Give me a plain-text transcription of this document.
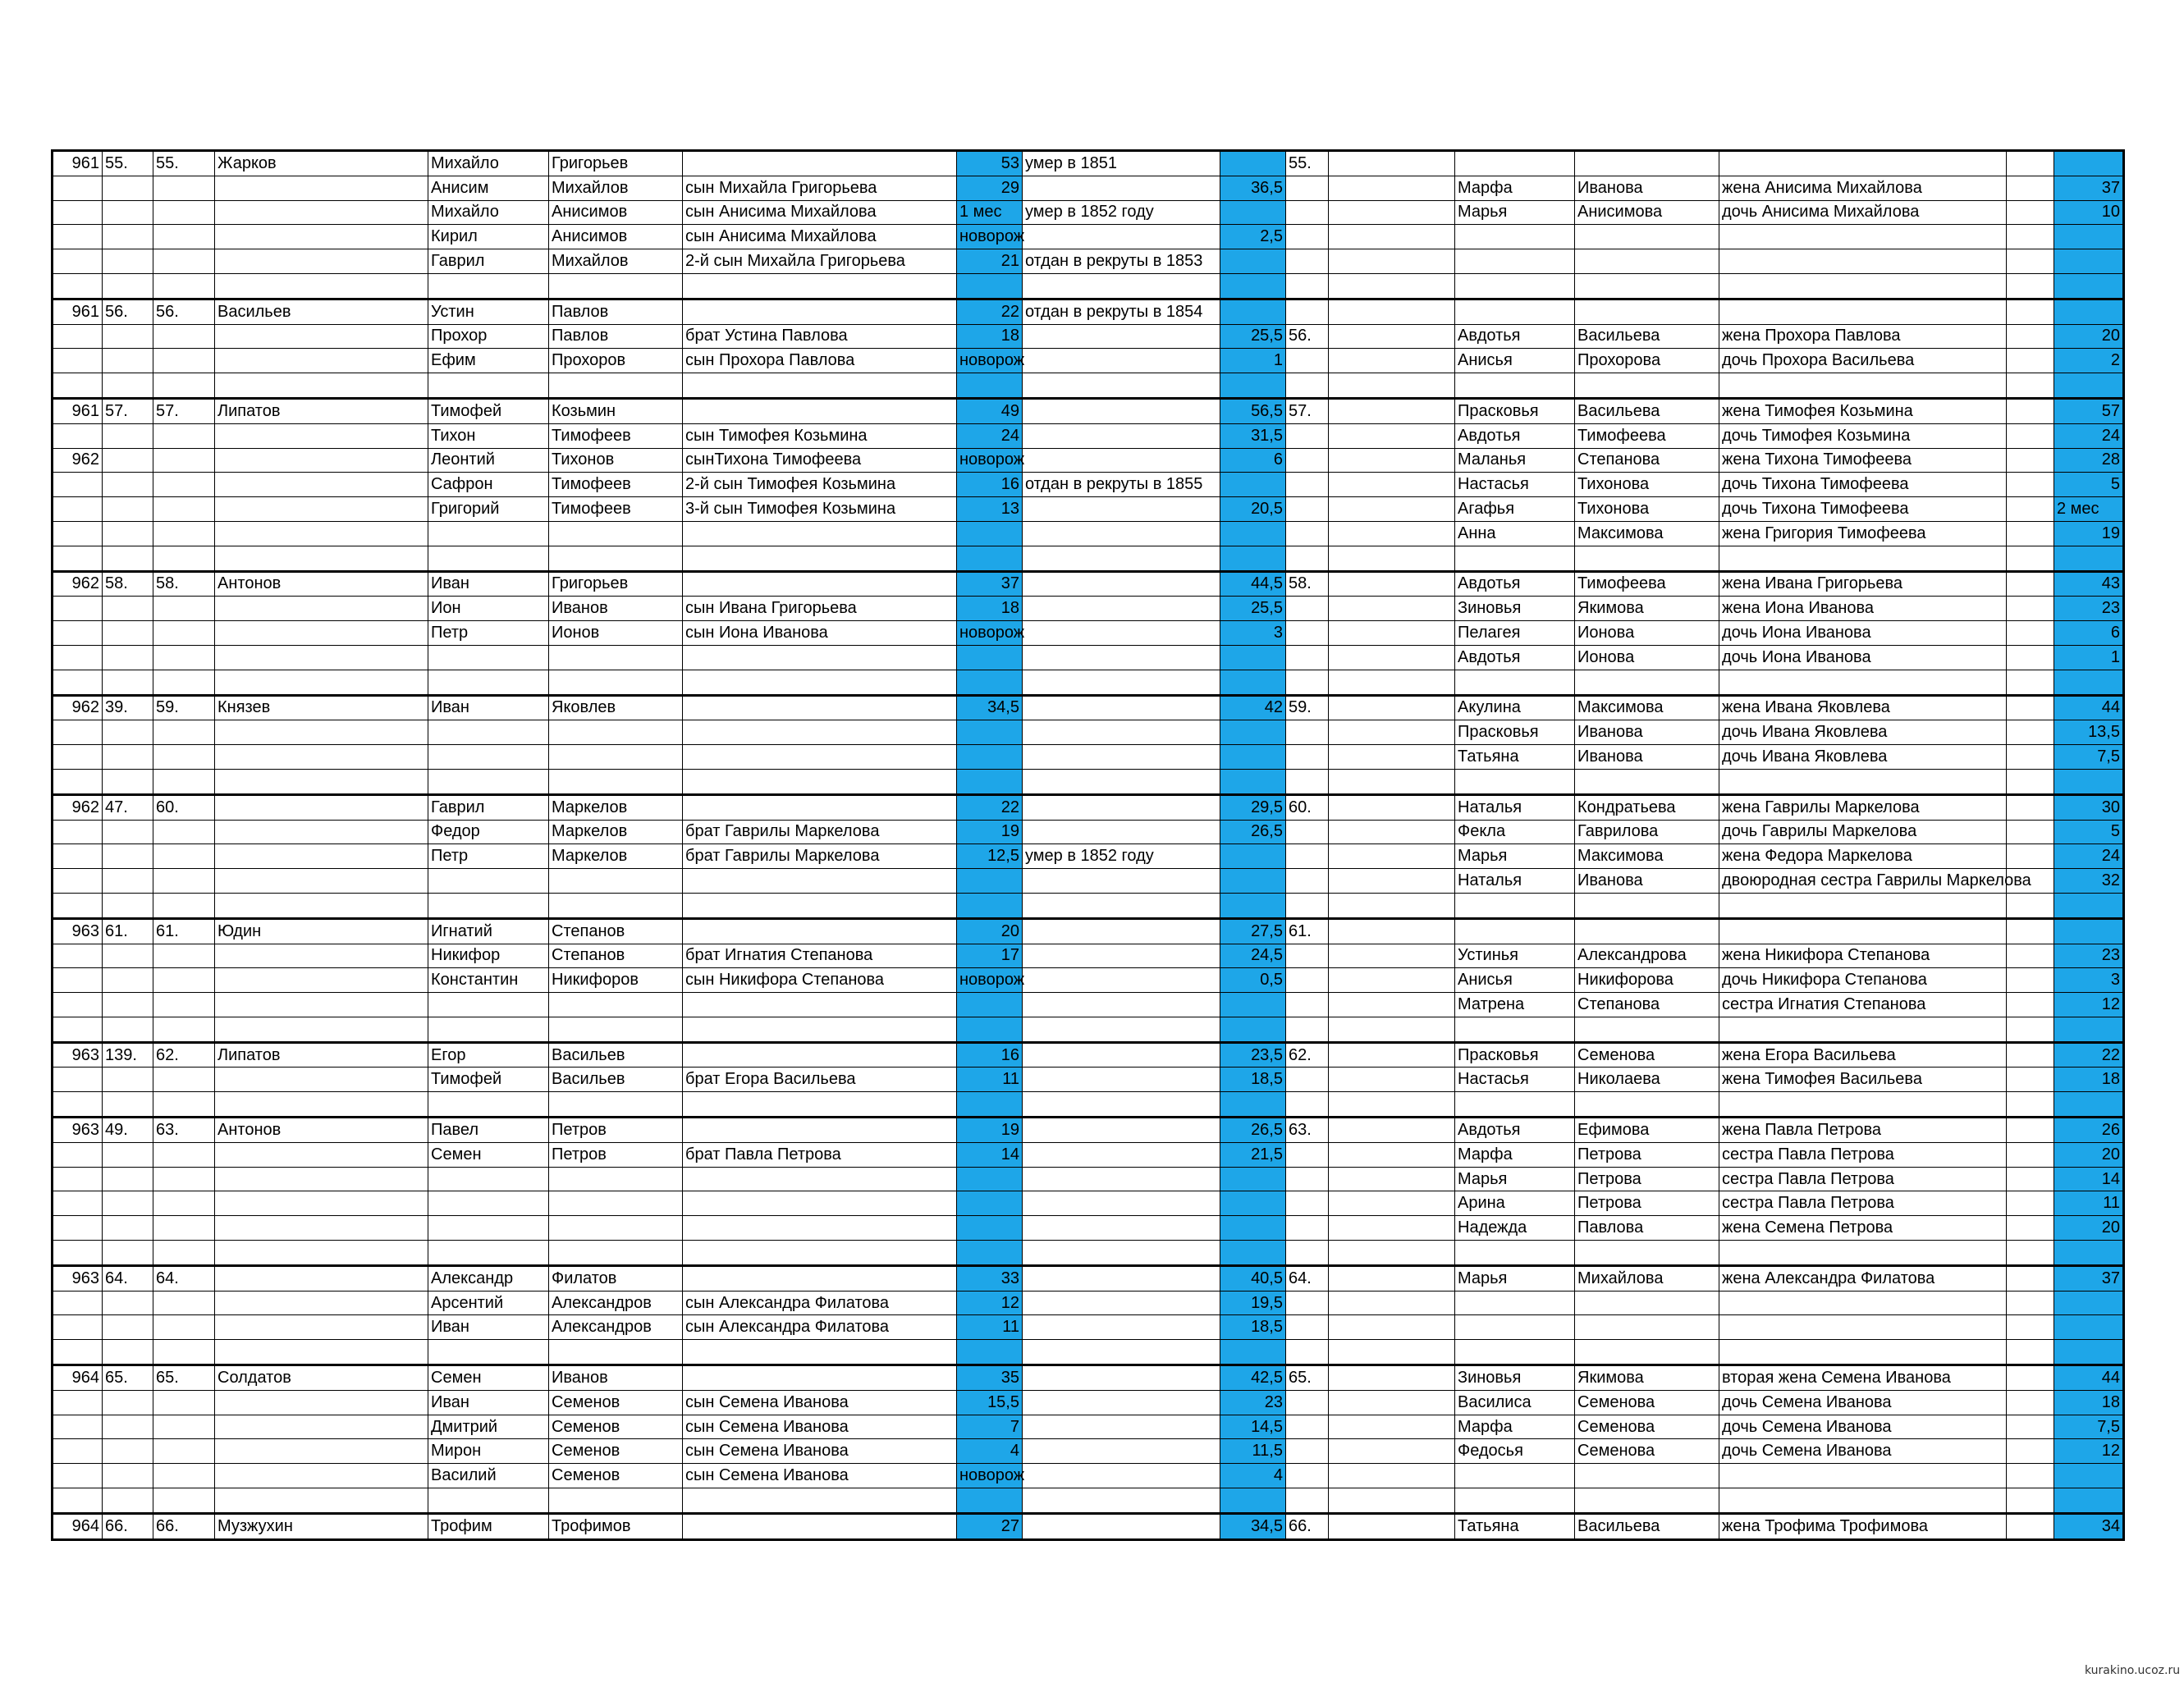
961	55.	55.	Жарков	Михайло	Григорьев		53	умер в 1851		55.						
				Анисим	Михайлов	сын Михайла Григорьева	29		36,5			Марфа	Иванова	жена Анисима Михайлова		37
				Михайло	Анисимов	сын Анисима Михайлова	1 мес	умер в 1852 году				Марья	Анисимова	дочь Анисима Михайлова		10
				Кирил	Анисимов	сын Анисима Михайлова	новорож		2,5							
				Гаврил	Михайлов	2-й сын Михайла Григорьева	21	отдан в рекруты в 1853								

961	56.	56.	Васильев	Устин	Павлов		22	отдан в рекруты в 1854								
				Прохор	Павлов	брат Устина Павлова	18		25,5	56.		Авдотья	Васильева	жена Прохора Павлова		20
				Ефим	Прохоров	сын Прохора Павлова	новорож		1			Анисья	Прохорова	дочь Прохора Васильева		2

961	57.	57.	Липатов	Тимофей	Козьмин		49		56,5	57.		Прасковья	Васильева	жена Тимофея Козьмина		57
				Тихон	Тимофеев	сын Тимофея Козьмина	24		31,5			Авдотья	Тимофеева	дочь Тимофея Козьмина		24
962				Леонтий	Тихонов	сынТихона Тимофеева	новорож		6			Маланья	Степанова	жена Тихона Тимофеева		28
				Сафрон	Тимофеев	2-й сын Тимофея Козьмина	16	отдан в рекруты в 1855				Настасья	Тихонова	дочь Тихона Тимофеева		5
				Григорий	Тимофеев	3-й сын Тимофея Козьмина	13		20,5			Агафья	Тихонова	дочь Тихона Тимофеева		2 мес
												Анна	Максимова	жена Григория Тимофеева		19

962	58.	58.	Антонов	Иван	Григорьев		37		44,5	58.		Авдотья	Тимофеева	жена Ивана Григорьева		43
				Ион	Иванов	сын Ивана Григорьева	18		25,5			Зиновья	Якимова	жена Иона Иванова		23
				Петр	Ионов	сын Иона Иванова	новорож		3			Пелагея	Ионова	дочь Иона Иванова		6
												Авдотья	Ионова	дочь Иона Иванова		1

962	39.	59.	Князев	Иван	Яковлев		34,5		42	59.		Акулина	Максимова	жена Ивана Яковлева		44
												Прасковья	Иванова	дочь Ивана Яковлева		13,5
												Татьяна	Иванова	дочь Ивана Яковлева		7,5

962	47.	60.		Гаврил	Маркелов		22		29,5	60.		Наталья	Кондратьева	жена Гаврилы Маркелова		30
				Федор	Маркелов	брат Гаврилы Маркелова	19		26,5			Фекла	Гаврилова	дочь Гаврилы Маркелова		5
				Петр	Маркелов	брат Гаврилы Маркелова	12,5	умер в 1852 году				Марья	Максимова	жена Федора Маркелова		24
												Наталья	Иванова	двоюродная сестра Гаврилы Маркелова		32

963	61.	61.	Юдин	Игнатий	Степанов		20		27,5	61.						
				Никифор	Степанов	брат Игнатия Степанова	17		24,5			Устинья	Александрова	жена Никифора Степанова		23
				Константин	Никифоров	сын Никифора Степанова	новорож		0,5			Анисья	Никифорова	дочь Никифора Степанова		3
												Матрена	Степанова	сестра Игнатия Степанова		12

963	139.	62.	Липатов	Егор	Васильев		16		23,5	62.		Прасковья	Семенова	жена Егора Васильева		22
				Тимофей	Васильев	брат Егора Васильева	11		18,5			Настасья	Николаева	жена Тимофея Васильева		18

963	49.	63.	Антонов	Павел	Петров		19		26,5	63.		Авдотья	Ефимова	жена Павла Петрова		26
				Семен	Петров	брат Павла Петрова	14		21,5			Марфа	Петрова	сестра Павла Петрова		20
												Марья	Петрова	сестра Павла Петрова		14
												Арина	Петрова	сестра Павла Петрова		11
												Надежда	Павлова	жена Семена Петрова		20

963	64.	64.		Александр	Филатов		33		40,5	64.		Марья	Михайлова	жена Александра Филатова		37
				Арсентий	Александров	сын Александра Филатова	12		19,5							
				Иван	Александров	сын Александра Филатова	11		18,5							

964	65.	65.	Солдатов	Семен	Иванов		35		42,5	65.		Зиновья	Якимова	вторая жена Семена Иванова		44
				Иван	Семенов	сын Семена Иванова	15,5		23			Василиса	Семенова	дочь Семена Иванова		18
				Дмитрий	Семенов	сын Семена Иванова	7		14,5			Марфа	Семенова	дочь Семена Иванова		7,5
				Мирон	Семенов	сын Семена Иванова	4		11,5			Федосья	Семенова	дочь Семена Иванова		12
				Василий	Семенов	сын Семена Иванова	новорож		4							

964	66.	66.	Музжухин	Трофим	Трофимов		27		34,5	66.		Татьяна	Васильева	жена Трофима Трофимова		34
kurakino.ucoz.ru
